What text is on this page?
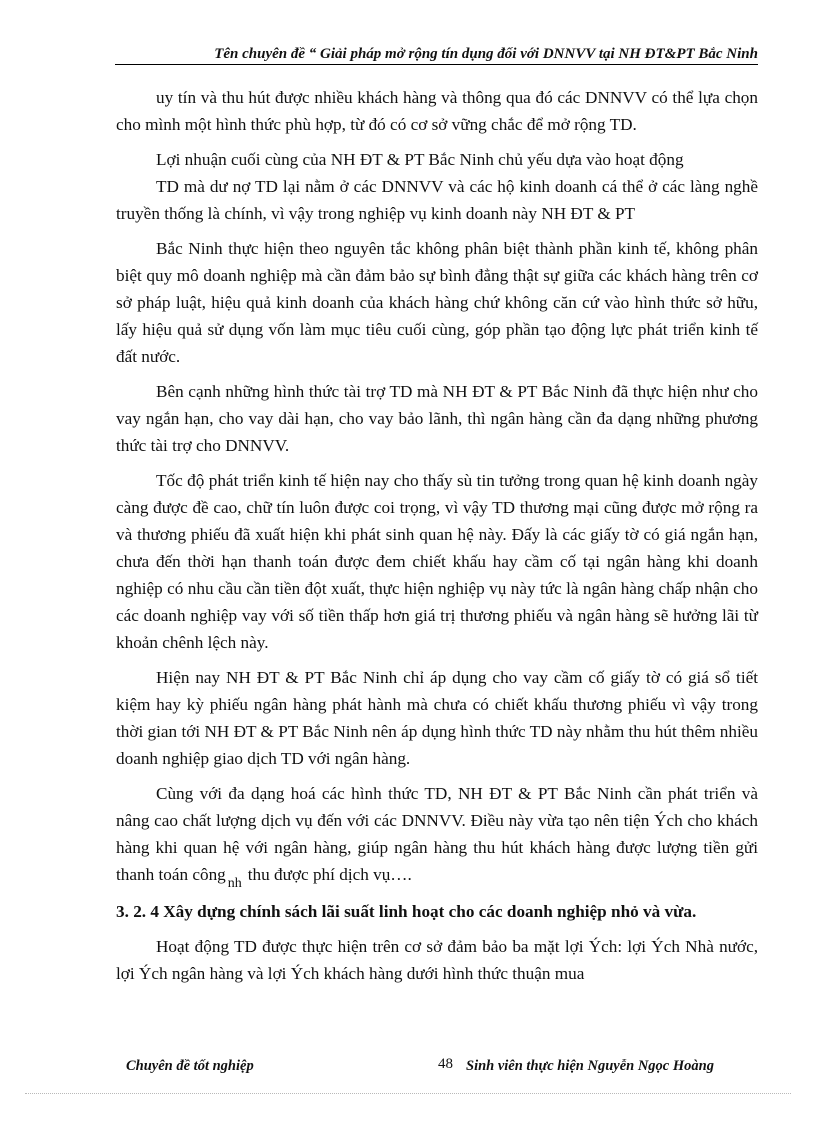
Tên chuyên đề “ Giải pháp mở rộng tín dụng đối với DNNVV tại NH ĐT&PT Bắc Ninh

uy tín và thu hút được nhiều khách hàng và thông qua đó các DNNVV có thể lựa chọn cho mình một hình thức phù hợp, từ đó có cơ sở vững chắc để mở rộng TD.

Lợi nhuận cuối cùng của NH ĐT & PT Bắc Ninh chủ yếu dựa vào hoạt động

TD mà dư nợ TD lại nằm ở các DNNVV và các hộ kinh doanh cá thể ở các làng nghề truyền thống là chính, vì vậy trong nghiệp vụ kinh doanh này NH ĐT & PT

Bắc Ninh thực hiện theo nguyên tắc không phân biệt thành phần kinh tế, không phân biệt quy mô doanh nghiệp mà cần đảm bảo sự bình đẳng thật sự giữa các khách hàng trên cơ sở pháp luật, hiệu quả kinh doanh của khách hàng chứ không căn cứ vào hình thức sở hữu, lấy hiệu quả sử dụng vốn làm mục tiêu cuối cùng, góp phần tạo động lực phát triển kinh tế đất nước.

Bên cạnh những hình thức tài trợ TD mà NH ĐT & PT Bắc Ninh đã thực hiện như cho vay ngắn hạn, cho vay dài hạn, cho vay bảo lãnh, thì ngân hàng cần đa dạng những phương thức tài trợ cho DNNVV.

Tốc độ phát triển kinh tế hiện nay cho thấy sù tin tưởng trong quan hệ kinh doanh ngày càng được đề cao, chữ tín luôn được coi trọng, vì vậy TD thương mại cũng được mở rộng ra và thương phiếu đã xuất hiện khi phát sinh quan hệ này. Đấy là các giấy tờ có giá ngắn hạn, chưa đến thời hạn thanh toán được đem chiết khấu hay cầm cố tại ngân hàng khi doanh nghiệp có nhu cầu cần tiền đột xuất, thực hiện nghiệp vụ này tức là ngân hàng chấp nhận cho các doanh nghiệp vay với số tiền thấp hơn giá trị thương phiếu và ngân hàng sẽ hưởng lãi từ khoản chênh lệch này.

Hiện nay NH ĐT & PT Bắc Ninh chỉ áp dụng cho vay cầm cố giấy tờ có giá sổ tiết kiệm hay kỳ phiếu ngân hàng phát hành mà chưa có chiết khấu thương phiếu vì vậy trong thời gian tới NH ĐT & PT Bắc Ninh nên áp dụng hình thức TD này nhằm thu hút thêm nhiều doanh nghiệp giao dịch TD với ngân hàng.

Cùng với đa dạng hoá các hình thức TD, NH ĐT & PT Bắc Ninh cần phát triển và nâng cao chất lượng dịch vụ đến với các DNNVV. Điều này vừa tạo nên tiện Ých cho khách hàng khi quan hệ với ngân hàng, giúp ngân hàng thu hút khách hàng được lượng tiền gửi thanh toán công $_{nh}$ thu được phí dịch vụ….

3. 2. 4 Xây dựng chính sách lãi suất linh hoạt cho các doanh nghiệp nhỏ và vừa.

Hoạt động TD được thực hiện trên cơ sở đảm bảo ba mặt lợi Ých: lợi Ých Nhà nước, lợi Ých ngân hàng và lợi Ých khách hàng dưới hình thức thuận mua

Chuyên đề tốt nghiệp	48 Sinh viên thực hiện Nguyễn Ngọc Hoàng
